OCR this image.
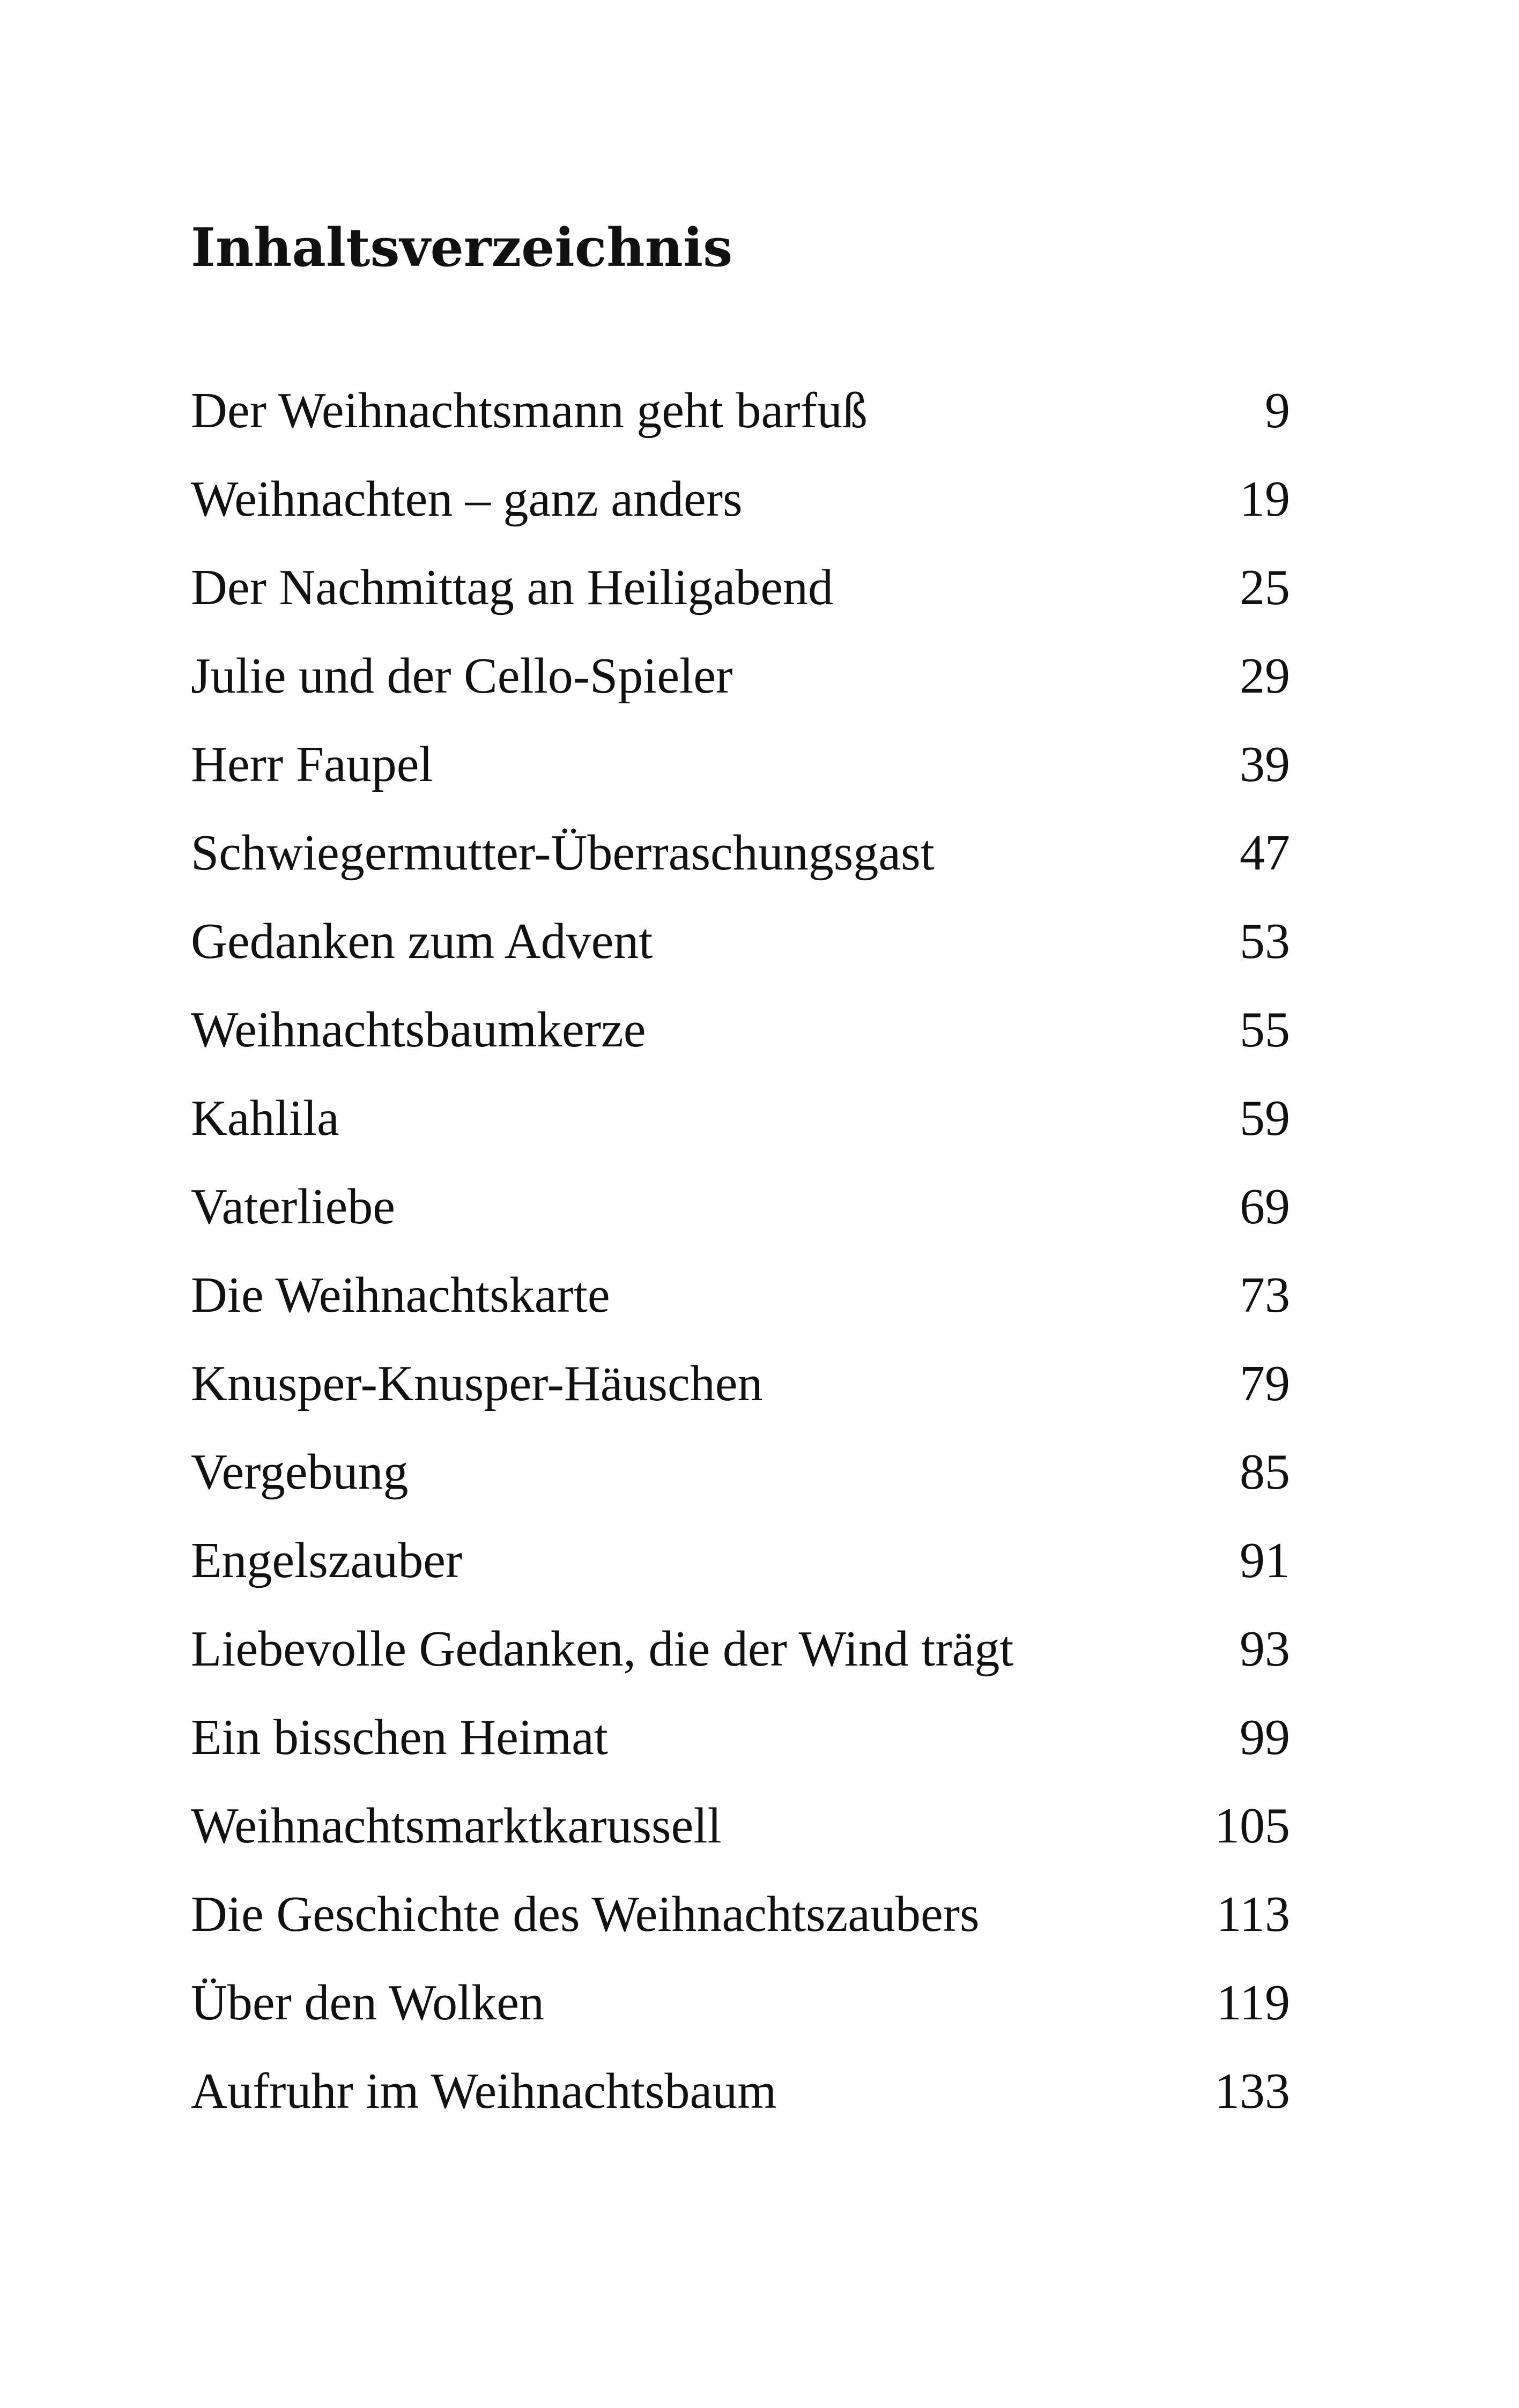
Inhaltsverzeichnis
Der Weihnachtsmann geht barfuß	9
Weihnachten – ganz anders	19
Der Nachmittag an Heiligabend	25
Julie und der Cello-Spieler	29
Herr Faupel	39
Schwiegermutter-Überraschungsgast	47
Gedanken zum Advent	53
Weihnachtsbaumkerze	55
Kahlila	59
Vaterliebe	69
Die Weihnachtskarte	73
Knusper-Knusper-Häuschen	79
Vergebung	85
Engelszauber	91
Liebevolle Gedanken, die der Wind trägt	93
Ein bisschen Heimat	99
Weihnachtsmarktkarussell	105
Die Geschichte des Weihnachtszaubers	113
Über den Wolken	119
Aufruhr im Weihnachtsbaum	133
